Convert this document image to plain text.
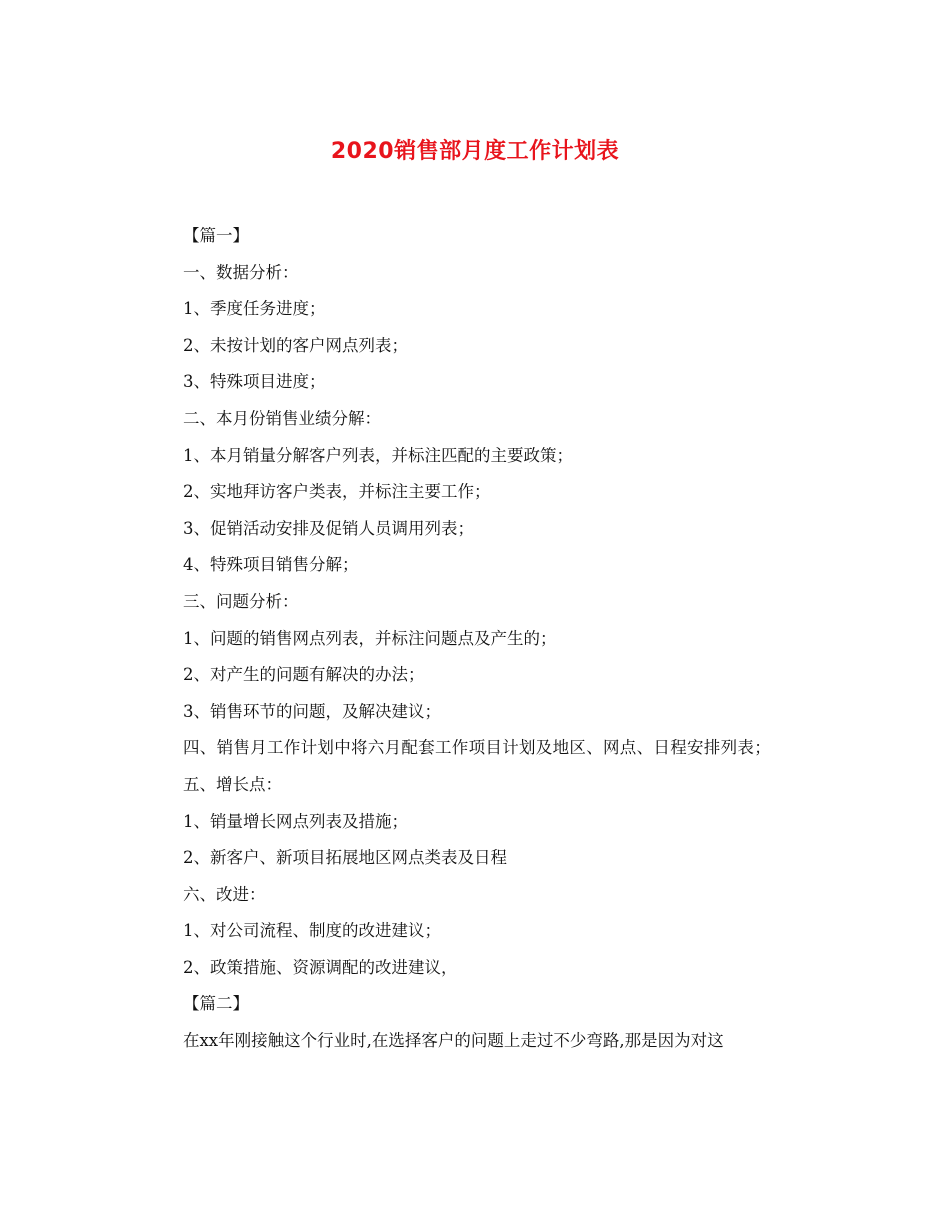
2020销售部月度工作计划表

【篇一】

一、数据分析：

1、季度任务进度；

2、未按计划的客户网点列表；

3、特殊项目进度；

二、本月份销售业绩分解：

1、本月销量分解客户列表，并标注匹配的主要政策；

2、实地拜访客户类表，并标注主要工作；

3、促销活动安排及促销人员调用列表；

4、特殊项目销售分解；

三、问题分析：

1、问题的销售网点列表，并标注问题点及产生的；

2、对产生的问题有解决的办法；

3、销售环节的问题，及解决建议；

四、销售月工作计划中将六月配套工作项目计划及地区、网点、日程安排列表；

五、增长点：

1、销量增长网点列表及措施；

2、新客户、新项目拓展地区网点类表及日程

六、改进：

1、对公司流程、制度的改进建议；

2、政策措施、资源调配的改进建议，

【篇二】

在xx年刚接触这个行业时,在选择客户的问题上走过不少弯路,那是因为对这
